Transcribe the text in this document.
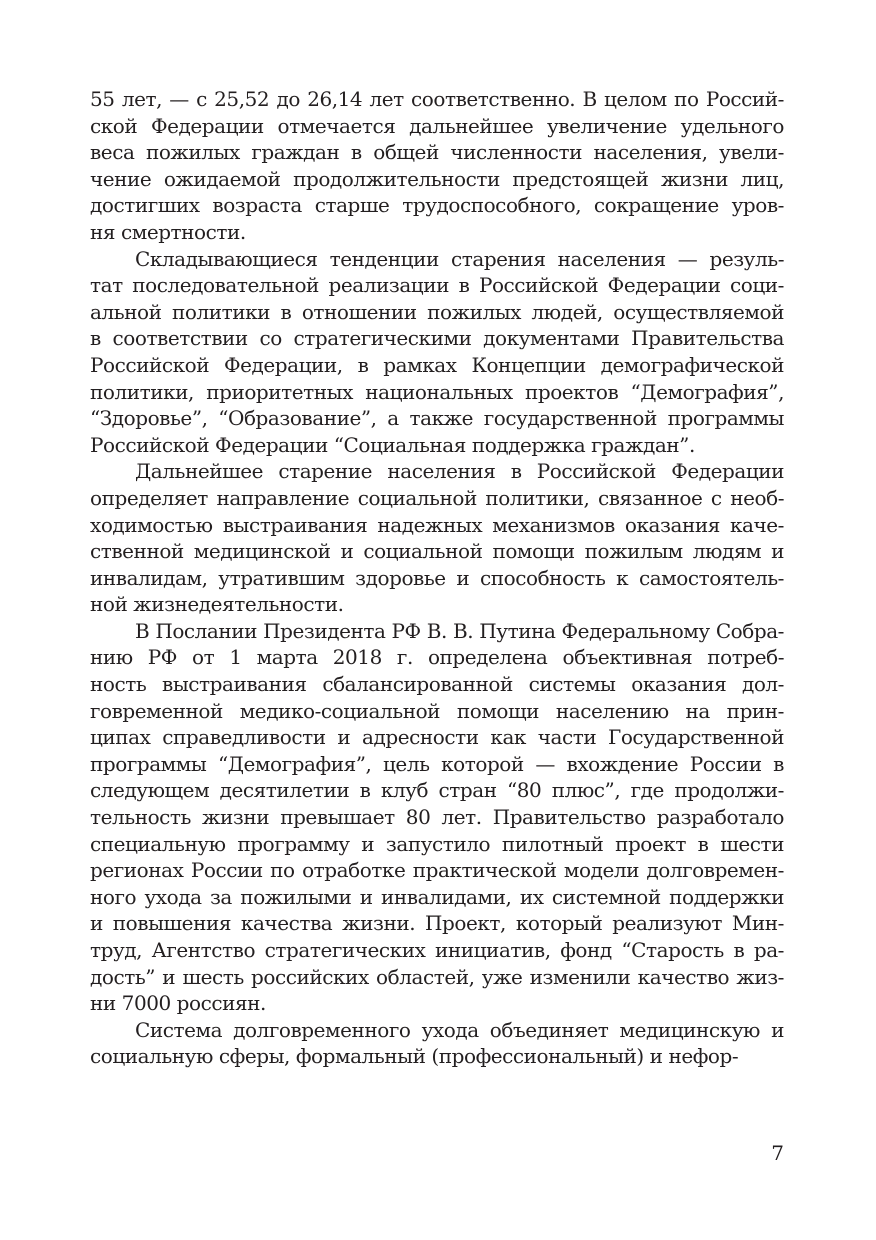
55 лет, — с 25,52 до 26,14 лет соответственно. В целом по Россий-
ской Федерации отмечается дальнейшее увеличение удельного
веса пожилых граждан в общей численности населения, увели-
чение ожидаемой продолжительности предстоящей жизни лиц,
достигших возраста старше трудоспособного, сокращение уров-
ня смертности.
Складывающиеся тенденции старения населения — резуль-
тат последовательной реализации в Российской Федерации соци-
альной политики в отношении пожилых людей, осуществляемой
в соответствии со стратегическими документами Правительства
Российской Федерации, в рамках Концепции демографической
политики, приоритетных национальных проектов “Демография”,
“Здоровье”, “Образование”, а также государственной программы
Российской Федерации “Социальная поддержка граждан”.
Дальнейшее старение населения в Российской Федерации
определяет направление социальной политики, связанное с необ-
ходимостью выстраивания надежных механизмов оказания каче-
ственной медицинской и социальной помощи пожилым людям и
инвалидам, утратившим здоровье и способность к самостоятель-
ной жизнедеятельности.
В Послании Президента РФ В. В. Путина Федеральному Собра-
нию РФ от 1 марта 2018 г. определена объективная потреб-
ность выстраивания сбалансированной системы оказания дол-
говременной медико-социальной помощи населению на прин-
ципах справедливости и адресности как части Государственной
программы “Демография”, цель которой — вхождение России в
следующем десятилетии в клуб стран “80 плюс”, где продолжи-
тельность жизни превышает 80 лет. Правительство разработало
специальную программу и запустило пилотный проект в шести
регионах России по отработке практической модели долговремен-
ного ухода за пожилыми и инвалидами, их системной поддержки
и повышения качества жизни. Проект, который реализуют Мин-
труд, Агентство стратегических инициатив, фонд “Старость в ра-
дость” и шесть российских областей, уже изменили качество жиз-
ни 7000 россиян.
Система долговременного ухода объединяет медицинскую и
социальную сферы, формальный (профессиональный) и нефор-
7
